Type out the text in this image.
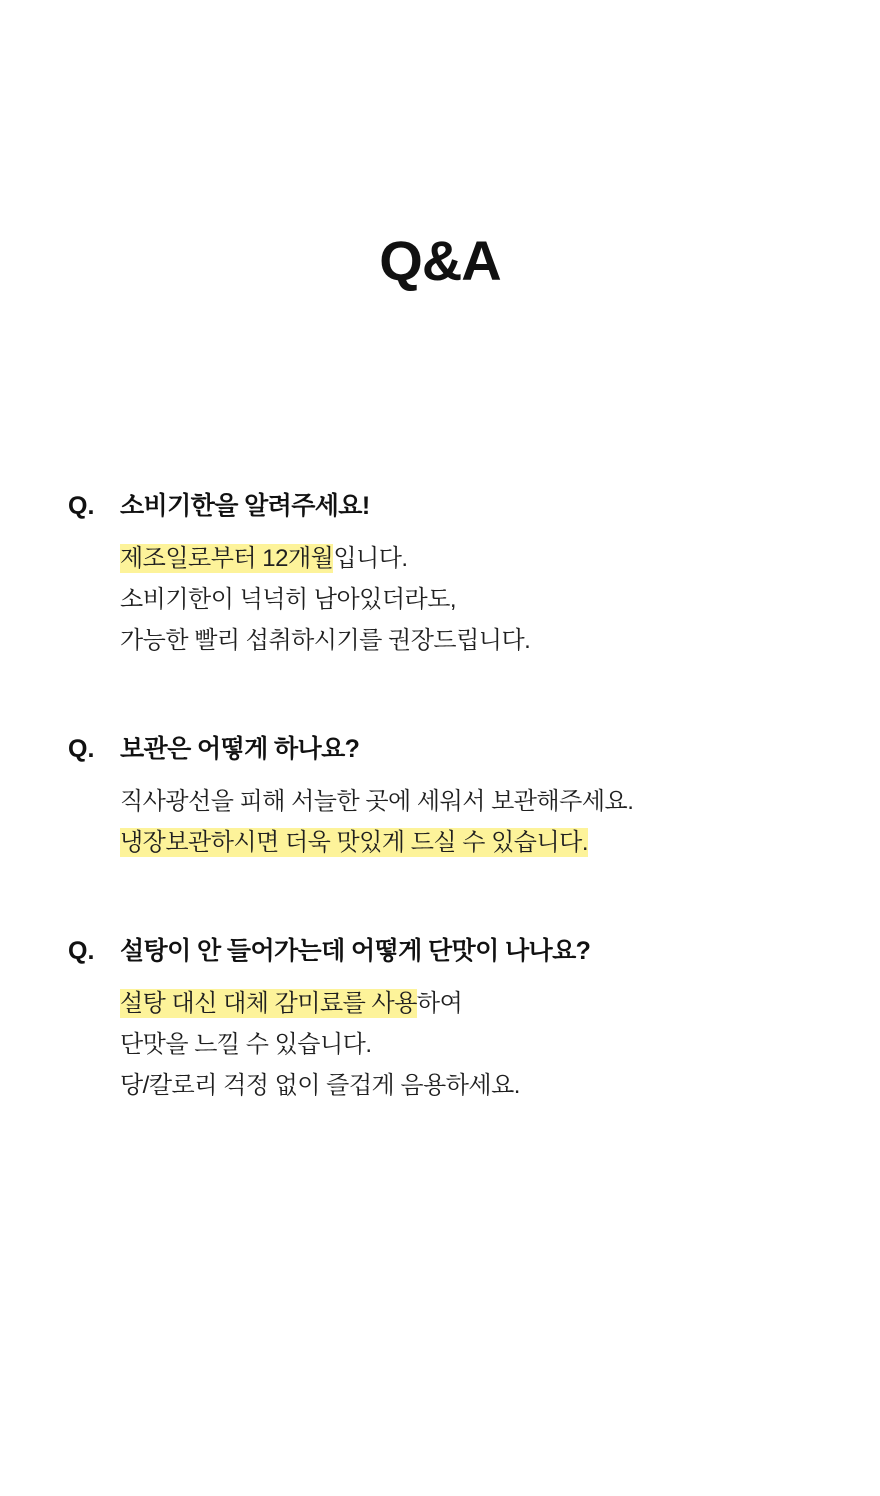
Q&A
Q.	소비기한을 알려주세요!
제조일로부터 12개월입니다.
소비기한이 넉넉히 남아있더라도,
가능한 빨리 섭취하시기를 권장드립니다.
Q.	보관은 어떻게 하나요?
직사광선을 피해 서늘한 곳에 세워서 보관해주세요.
냉장보관하시면 더욱 맛있게 드실 수 있습니다.
Q.	설탕이 안 들어가는데 어떻게 단맛이 나나요?
설탕 대신 대체 감미료를 사용하여
단맛을 느낄 수 있습니다.
당/칼로리 걱정 없이 즐겁게 음용하세요.
